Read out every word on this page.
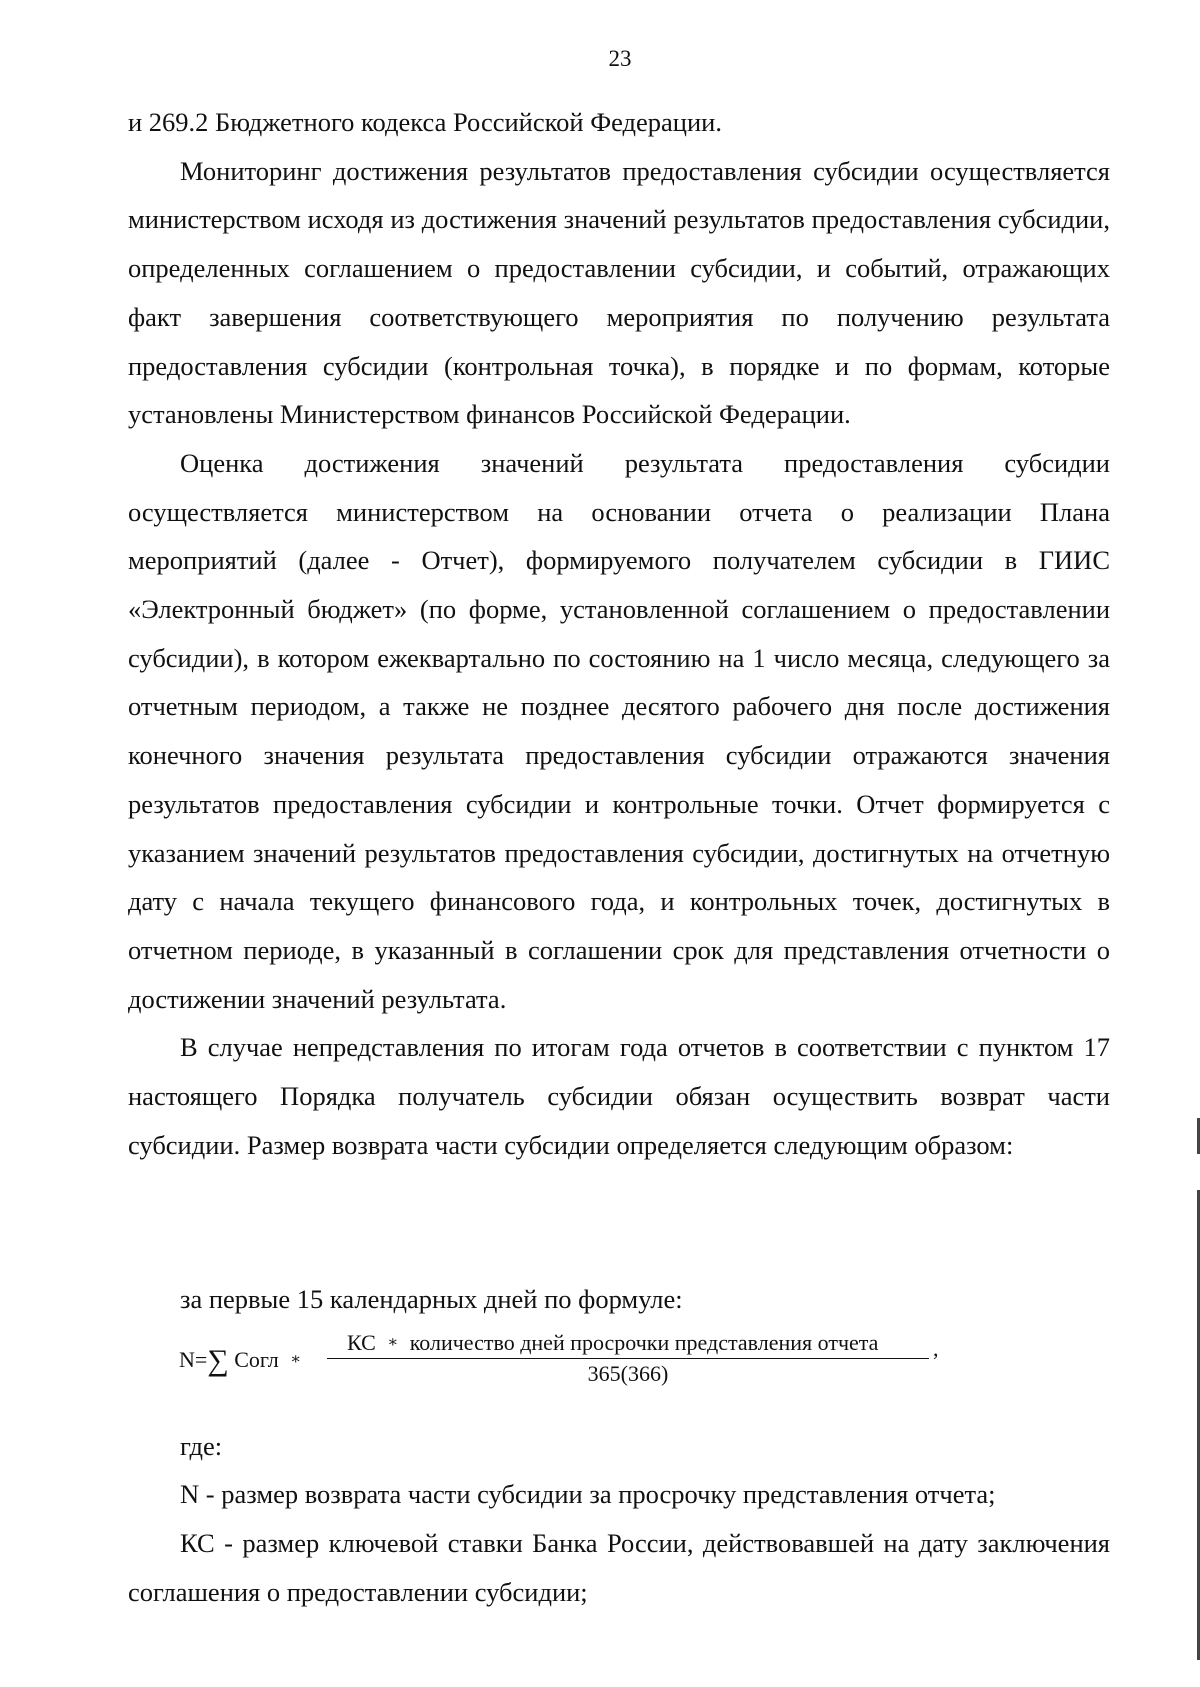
23

и 269.2 Бюджетного кодекса Российской Федерации.

Мониторинг достижения результатов предоставления субсидии осуществляется министерством исходя из достижения значений результатов предоставления субсидии, определенных соглашением о предоставлении субсидии, и событий, отражающих факт завершения соответствующего мероприятия по получению результата предоставления субсидии (контрольная точка), в порядке и по формам, которые установлены Министерством финансов Российской Федерации.

Оценка достижения значений результата предоставления субсидии осуществляется министерством на основании отчета о реализации Плана мероприятий (далее - Отчет), формируемого получателем субсидии в ГИИС «Электронный бюджет» (по форме, установленной соглашением о предоставлении субсидии), в котором ежеквартально по состоянию на 1 число месяца, следующего за отчетным периодом, а также не позднее десятого рабочего дня после достижения конечного значения результата предоставления субсидии отражаются значения результатов предоставления субсидии и контрольные точки. Отчет формируется с указанием значений результатов предоставления субсидии, достигнутых на отчетную дату с начала текущего финансового года, и контрольных точек, достигнутых в отчетном периоде, в указанный в соглашении срок для представления отчетности о достижении значений результата.

В случае непредставления по итогам года отчетов в соответствии с пунктом 17 настоящего Порядка получатель субсидии обязан осуществить возврат части субсидии. Размер возврата части субсидии определяется следующим образом:

за первые 15 календарных дней по формуле:
N=∑ Согл ∗
КС ∗ количество дней просрочки представления отчета
365(366)
,
где:
N - размер возврата части субсидии за просрочку представления отчета;

КС - размер ключевой ставки Банка России, действовавшей на дату заключения соглашения о предоставлении субсидии;
